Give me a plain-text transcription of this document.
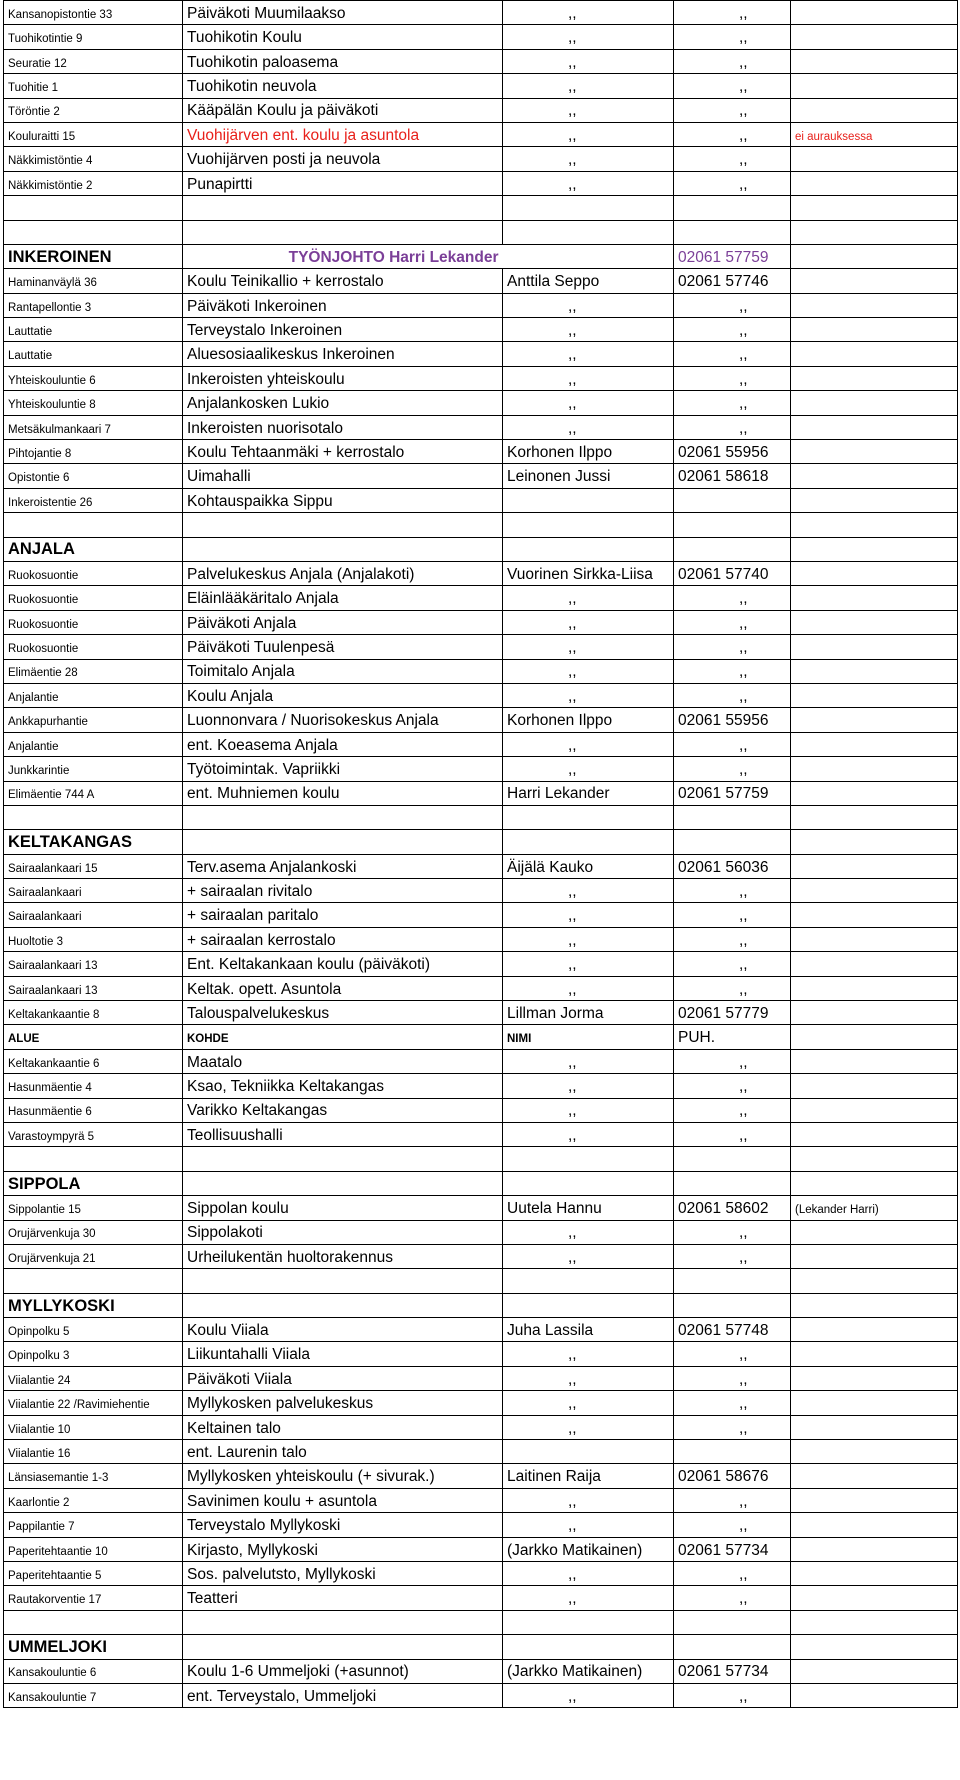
Kansanopistontie 33	Päiväkoti Muumilaakso	,,	,,	
Tuohikotintie 9	Tuohikotin Koulu	,,	,,	
Seuratie 12	Tuohikotin paloasema	,,	,,	
Tuohitie 1	Tuohikotin neuvola	,,	,,	
Töröntie 2	Kääpälän Koulu ja päiväkoti	,,	,,	
Kouluraitti 15	Vuohijärven ent. koulu ja asuntola	,,	,,	ei aurauksessa
Näkkimistöntie 4	Vuohijärven posti ja neuvola	,,	,,	
Näkkimistöntie 2	Punapirtti	,,	,,	

INKEROINEN	TYÖNJOHTO Harri Lekander		02061 57759	
Haminanväylä 36	Koulu Teinikallio + kerrostalo	Anttila Seppo	02061 57746	
Rantapellontie 3	Päiväkoti Inkeroinen	,,	,,	
Lauttatie	Terveystalo Inkeroinen	,,	,,	
Lauttatie	Aluesosiaalikeskus Inkeroinen	,,	,,	
Yhteiskouluntie 6	Inkeroisten yhteiskoulu	,,	,,	
Yhteiskouluntie 8	Anjalankosken Lukio	,,	,,	
Metsäkulmankaari 7	Inkeroisten nuorisotalo	,,	,,	
Pihtojantie 8	Koulu Tehtaanmäki + kerrostalo	Korhonen Ilppo	02061 55956	
Opistontie 6	Uimahalli	Leinonen Jussi	02061 58618	
Inkeroistentie 26	Kohtauspaikka Sippu			

ANJALA				
Ruokosuontie	Palvelukeskus Anjala (Anjalakoti)	Vuorinen Sirkka-Liisa	02061 57740	
Ruokosuontie	Eläinlääkäritalo Anjala	,,	,,	
Ruokosuontie	Päiväkoti Anjala	,,	,,	
Ruokosuontie	Päiväkoti Tuulenpesä	,,	,,	
Elimäentie 28	Toimitalo Anjala	,,	,,	
Anjalantie	Koulu Anjala	,,	,,	
Ankkapurhantie	Luonnonvara / Nuorisokeskus Anjala	Korhonen Ilppo	02061 55956	
Anjalantie	ent. Koeasema Anjala	,,	,,	
Junkkarintie	Työtoimintak. Vapriikki	,,	,,	
Elimäentie 744 A	ent. Muhniemen koulu	Harri Lekander	02061 57759	

KELTAKANGAS				
Sairaalankaari 15	Terv.asema Anjalankoski	Äijälä Kauko	02061 56036	
Sairaalankaari	+ sairaalan rivitalo	,,	,,	
Sairaalankaari	+ sairaalan paritalo	,,	,,	
Huoltotie 3	+ sairaalan kerrostalo	,,	,,	
Sairaalankaari 13	Ent. Keltakankaan koulu (päiväkoti)	,,	,,	
Sairaalankaari 13	Keltak. opett. Asuntola	,,	,,	
Keltakankaantie 8	Talouspalvelukeskus	Lillman Jorma	02061 57779	
ALUE	KOHDE	NIMI	PUH.	
Keltakankaantie 6	Maatalo	,,	,,	
Hasunmäentie 4	Ksao, Tekniikka Keltakangas	,,	,,	
Hasunmäentie 6	Varikko Keltakangas	,,	,,	
Varastoympyrä 5	Teollisuushalli	,,	,,	

SIPPOLA				
Sippolantie 15	Sippolan koulu	Uutela Hannu	02061 58602	(Lekander Harri)
Orujärvenkuja 30	Sippolakoti	,,	,,	
Orujärvenkuja 21	Urheilukentän huoltorakennus	,,	,,	

MYLLYKOSKI				
Opinpolku 5	Koulu Viiala	Juha Lassila	02061 57748	
Opinpolku 3	Liikuntahalli Viiala	,,	,,	
Viialantie 24	Päiväkoti Viiala	,,	,,	
Viialantie 22 /Ravimiehentie	Myllykosken palvelukeskus	,,	,,	
Viialantie 10	Keltainen talo	,,	,,	
Viialantie 16	ent. Laurenin talo			
Länsiasemantie 1-3	Myllykosken yhteiskoulu (+ sivurak.)	Laitinen Raija	02061 58676	
Kaarlontie 2	Savinimen koulu + asuntola	,,	,,	
Pappilantie 7	Terveystalo Myllykoski	,,	,,	
Paperitehtaantie 10	Kirjasto, Myllykoski	(Jarkko Matikainen)	02061 57734	
Paperitehtaantie 5	Sos. palvelutsto, Myllykoski	,,	,,	
Rautakorventie 17	Teatteri	,,	,,	

UMMELJOKI				
Kansakouluntie 6	Koulu 1-6 Ummeljoki (+asunnot)	(Jarkko Matikainen)	02061 57734	
Kansakouluntie 7	ent. Terveystalo, Ummeljoki	,,	,,	
